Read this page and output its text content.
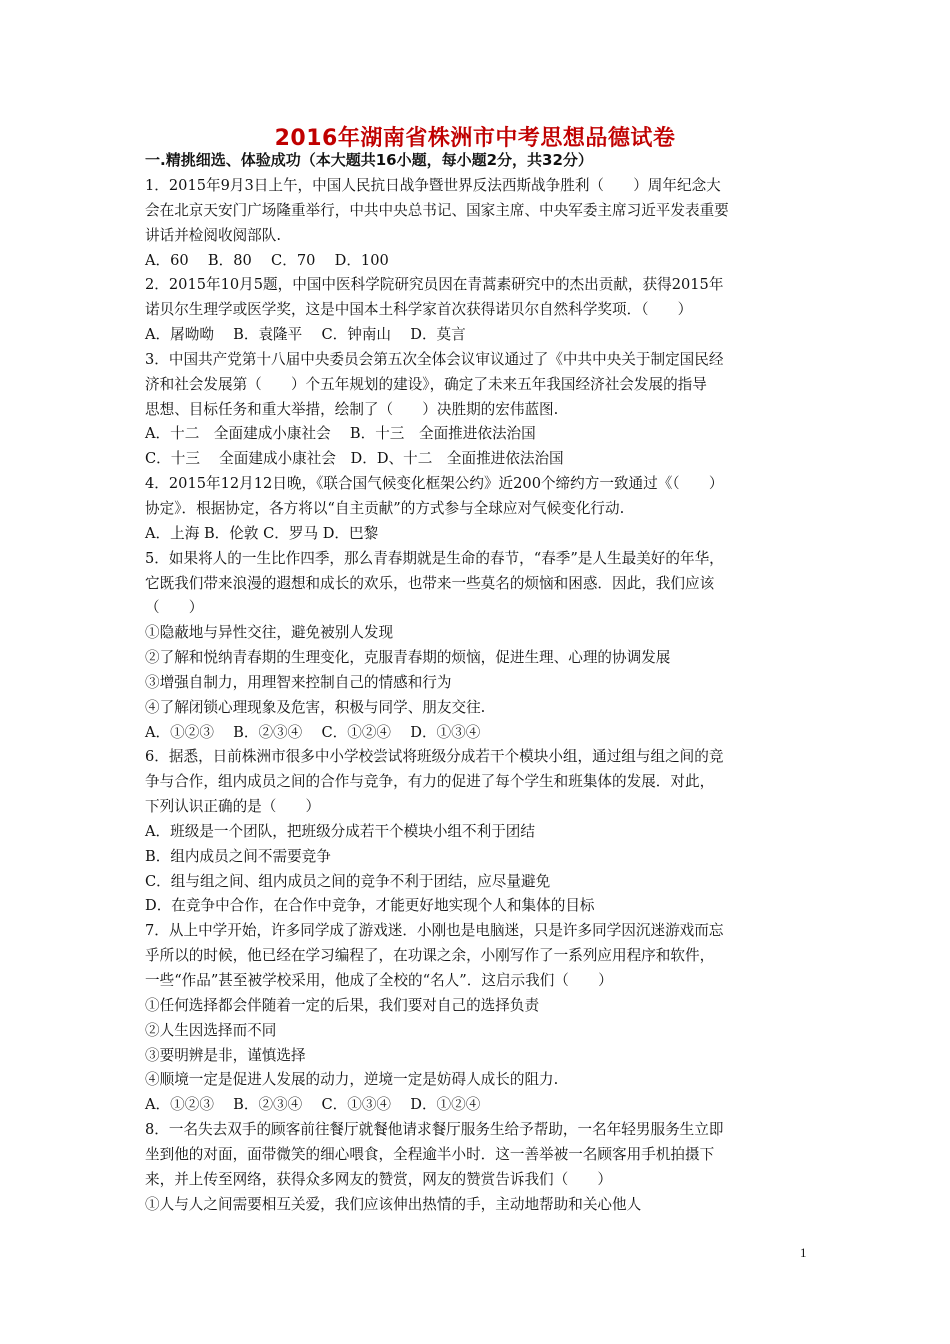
2016年湖南省株洲市中考思想品德试卷
一.精挑细选、体验成功（本大题共16小题，每小题2分，共32分）
1．2015年9月3日上午，中国人民抗日战争暨世界反法西斯战争胜利（　　）周年纪念大
会在北京天安门广场隆重举行，中共中央总书记、国家主席、中央军委主席习近平发表重要
讲话并检阅收阅部队.
A．60　 B．80　 C．70　 D．100
2．2015年10月5题，中国中医科学院研究员因在青蒿素研究中的杰出贡献，获得2015年
诺贝尔生理学或医学奖，这是中国本土科学家首次获得诺贝尔自然科学奖项．（　　）
A．屠呦呦　 B．袁隆平　 C．钟南山　 D．莫言
3．中国共产党第十八届中央委员会第五次全体会议审议通过了《中共中央关于制定国民经
济和社会发展第（　　）个五年规划的建设》，确定了未来五年我国经济社会发展的指导
思想、目标任务和重大举措，绘制了（　　）决胜期的宏伟蓝图.
A．十二　全面建成小康社会　 B．十三　全面推进依法治国
C．十三　 全面建成小康社会　D．D、十二　全面推进依法治国
4．2015年12月12日晚，《联合国气候变化框架公约》近200个缔约方一致通过《（　　）
协定》．根据协定，各方将以“自主贡献”的方式参与全球应对气候变化行动.
A．上海 B．伦敦 C．罗马 D．巴黎
5．如果将人的一生比作四季，那么青春期就是生命的春节，“春季”是人生最美好的年华，
它既我们带来浪漫的遐想和成长的欢乐，也带来一些莫名的烦恼和困惑．因此，我们应该
（　　）
①隐蔽地与异性交往，避免被别人发现
②了解和悦纳青春期的生理变化，克服青春期的烦恼，促进生理、心理的协调发展
③增强自制力，用理智来控制自己的情感和行为
④了解闭锁心理现象及危害，积极与同学、朋友交往.
A．①②③　 B．②③④　 C．①②④　 D．①③④
6．据悉，日前株洲市很多中小学校尝试将班级分成若干个模块小组，通过组与组之间的竞
争与合作，组内成员之间的合作与竞争，有力的促进了每个学生和班集体的发展．对此，
下列认识正确的是（　　）
A．班级是一个团队，把班级分成若干个模块小组不利于团结
B．组内成员之间不需要竞争
C．组与组之间、组内成员之间的竞争不利于团结，应尽量避免
D．在竞争中合作，在合作中竞争，才能更好地实现个人和集体的目标
7．从上中学开始，许多同学成了游戏迷．小刚也是电脑迷，只是许多同学因沉迷游戏而忘
乎所以的时候，他已经在学习编程了，在功课之余，小刚写作了一系列应用程序和软件，
一些“作品”甚至被学校采用，他成了全校的“名人”．这启示我们（　　）
①任何选择都会伴随着一定的后果，我们要对自己的选择负责
②人生因选择而不同
③要明辨是非，谨慎选择
④顺境一定是促进人发展的动力，逆境一定是妨碍人成长的阻力.
A．①②③　 B．②③④　 C．①③④　 D．①②④
8．一名失去双手的顾客前往餐厅就餐他请求餐厅服务生给予帮助，一名年轻男服务生立即
坐到他的对面，面带微笑的细心喂食，全程逾半小时．这一善举被一名顾客用手机拍摄下
来，并上传至网络，获得众多网友的赞赏，网友的赞赏告诉我们（　　）
①人与人之间需要相互关爱，我们应该伸出热情的手，主动地帮助和关心他人
1
